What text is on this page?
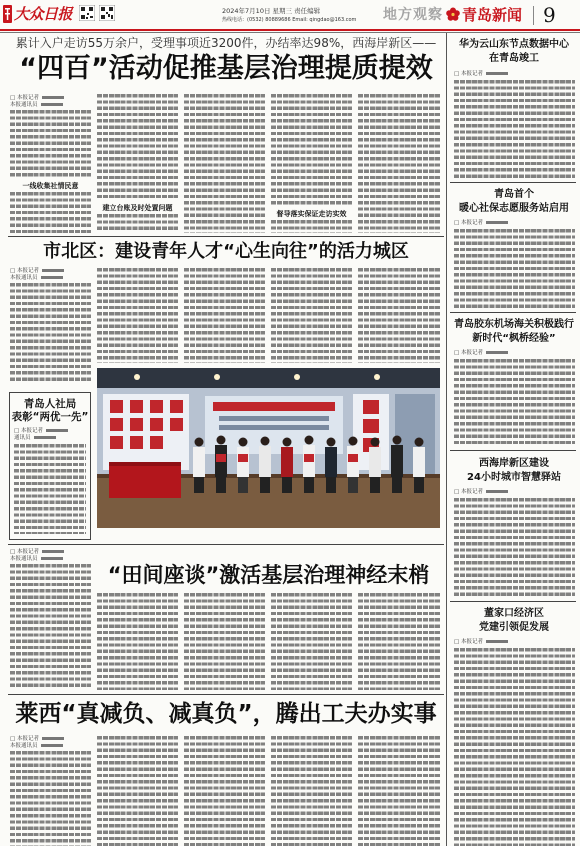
大众日报	2024年7月10日 星期三 责任编辑
热线电话：(0532) 80889686 Email: qingdao@163.com 地方观察 青岛新闻 9
累计入户走访55万余户，受理事项近3200件，办结率达98%，西海岸新区——
“四百”活动促推基层治理提质提效
□ 本报记者
本报通讯员
一线收集社情民意
建立台账及时处置问题
督导落实保证走访实效
市北区：建设青年人才“心生向往”的活力城区
□ 本报记者
本报通讯员
青岛人社局
表彰“两优一先”
□ 本报记者
通讯员
□ 本报记者
本报通讯员
“田间座谈”激活基层治理神经末梢
莱西“真减负、减真负”，腾出工夫办实事
□ 本报记者
本报通讯员
华为云山东节点数据中心
在青岛竣工
□ 本报记者
青岛首个
暖心社保志愿服务站启用
□ 本报记者
青岛胶东机场海关积极践行
新时代“枫桥经验”
□ 本报记者
西海岸新区建设
24小时城市智慧驿站
□ 本报记者
董家口经济区
党建引领促发展
□ 本报记者
